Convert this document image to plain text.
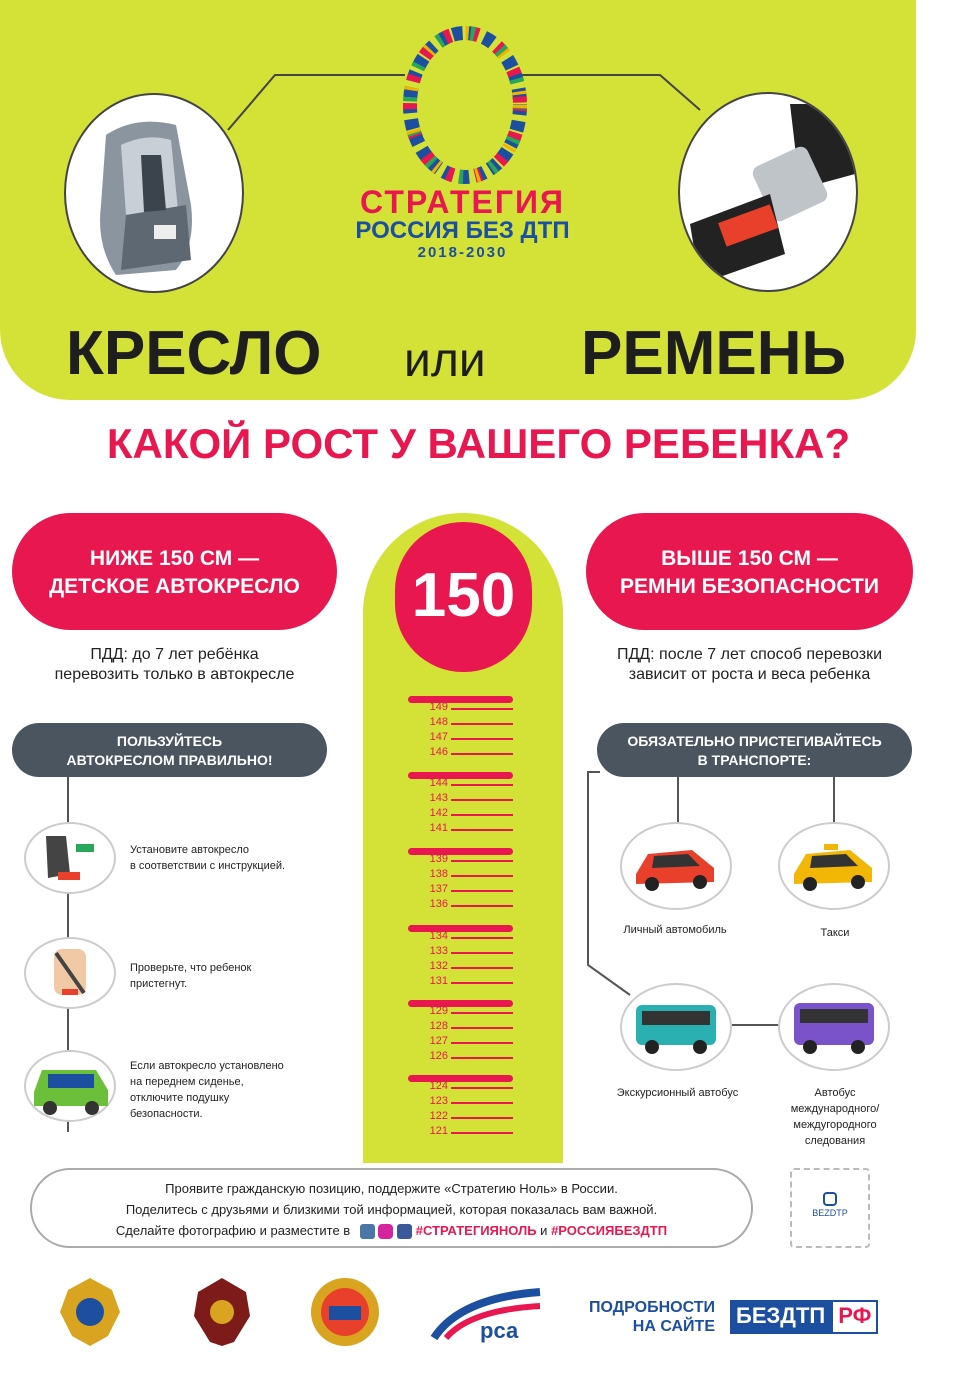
СТРАТЕГИЯ
РОССИЯ БЕЗ ДТП
2018-2030
КРЕСЛО или РЕМЕНЬ
КАКОЙ РОСТ У ВАШЕГО РЕБЕНКА?
150
149
148
147
146
144
143
142
141
139
138
137
136
134
133
132
131
129
128
127
126
124
123
122
121
НИЖЕ 150 СМ —
ДЕТСКОЕ АВТОКРЕСЛО
ВЫШЕ 150 СМ —
РЕМНИ БЕЗОПАСНОСТИ
ПДД: до 7 лет ребёнка
перевозить только в автокресле
ПДД: после 7 лет способ перевозки
зависит от роста и веса ребенка
ПОЛЬЗУЙТЕСЬ
АВТОКРЕСЛОМ ПРАВИЛЬНО!
ОБЯЗАТЕЛЬНО ПРИСТЕГИВАЙТЕСЬ
В ТРАНСПОРТЕ:
Установите автокресло
в соответствии с инструкцией.
Проверьте, что ребенок
пристегнут.
Если автокресло установлено
на переднем сиденье,
отключите подушку
безопасности.
Личный автомобиль	Такси
Экскурсионный автобус	Автобус
международного/
междугородного
следования
Проявите гражданскую позицию, поддержите «Стратегию Ноль» в России.
Поделитесь с друзьями и близкими той информацией, которая показалась вам важной.
Сделайте фотографию и разместите в	#СТРАТЕГИЯНОЛЬ и #РОССИЯБЕЗДТП
BEZDTP
рса
ПОДРОБНОСТИ
НА САЙТЕ БЕЗДТП РФ
